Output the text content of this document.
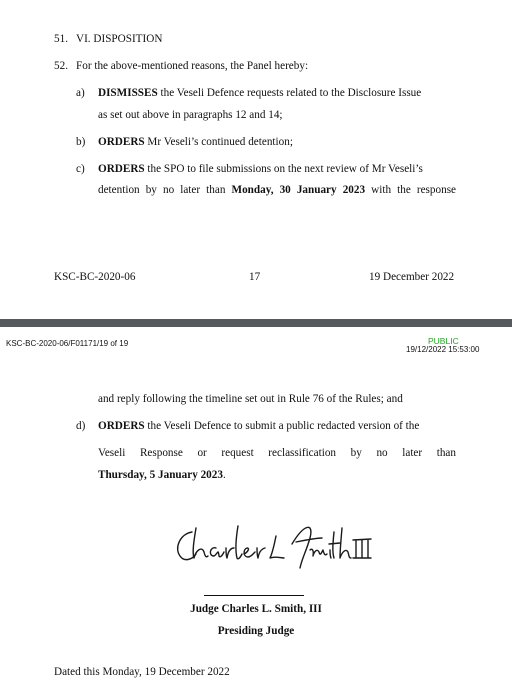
51. VI. DISPOSITION
52. For the above-mentioned reasons, the Panel hereby:
a) DISMISSES the Veseli Defence requests related to the Disclosure Issue
as set out above in paragraphs 12 and 14;
b) ORDERS Mr Veseli’s continued detention;
c) ORDERS the SPO to file submissions on the next review of Mr Veseli’s
detention by no later than Monday, 30 January 2023 with the response
KSC-BC-2020-06	17	19 December 2022
KSC-BC-2020-06/F01171/19 of 19	PUBLIC
19/12/2022 15:53:00
and reply following the timeline set out in Rule 76 of the Rules; and
d) ORDERS the Veseli Defence to submit a public redacted version of the
Veseli Response or request reclassification by no later than
Thursday, 5 January 2023.
Judge Charles L. Smith, III
Presiding Judge
Dated this Monday, 19 December 2022
